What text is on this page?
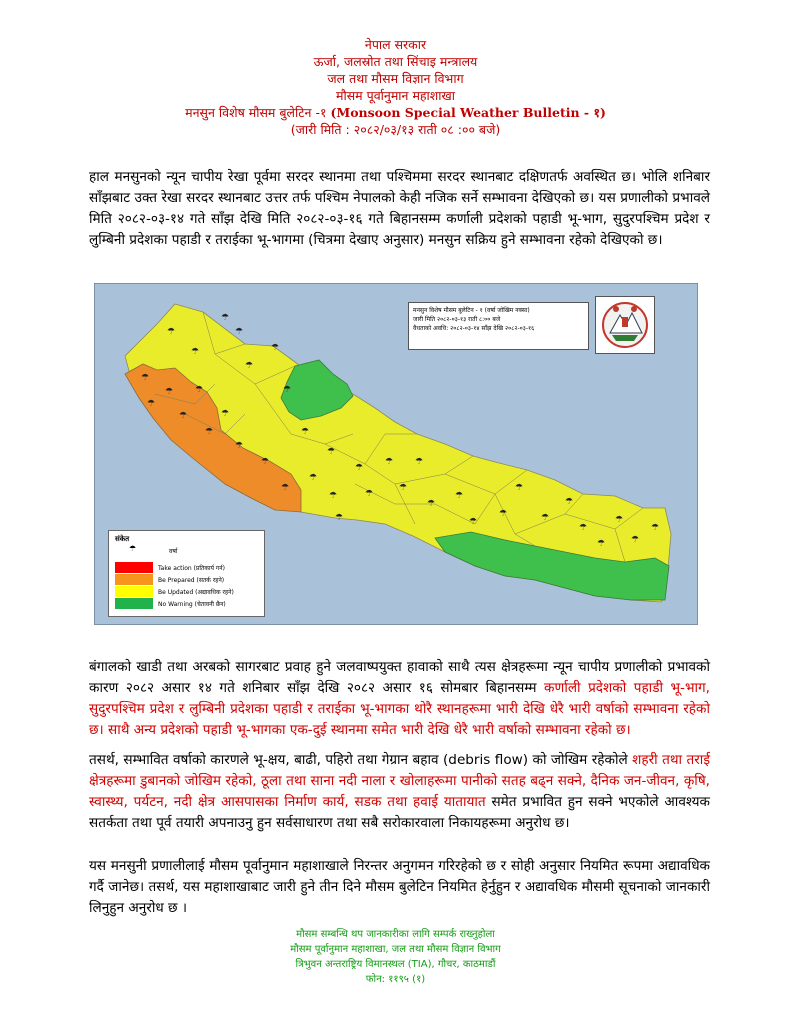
नेपाल सरकार
ऊर्जा, जलस्रोत तथा सिंचाइ मन्त्रालय
जल तथा मौसम विज्ञान विभाग
मौसम पूर्वानुमान महाशाखा
मनसुन विशेष मौसम बुलेटिन -१ (Monsoon Special Weather Bulletin - १)
(जारी मिति : २०८२/०३/१३ राती ०८ :०० बजे)
हाल मनसुनको न्यून चापीय रेखा पूर्वमा सरदर स्थानमा तथा पश्चिममा सरदर स्थानबाट दक्षिणतर्फ अवस्थित छ। भोलि शनिबार साँझबाट उक्त रेखा सरदर स्थानबाट उत्तर तर्फ पश्चिम नेपालको केही नजिक सर्ने सम्भावना देखिएको छ। यस प्रणालीको प्रभावले मिति २०८२-०३-१४ गते साँझ देखि मिति २०८२-०३-१६ गते बिहानसम्म कर्णाली प्रदेशको पहाडी भू-भाग, सुदुरपश्चिम प्रदेश र लुम्बिनी प्रदेशका पहाडी र तराईका भू-भागमा (चित्रमा देखाए अनुसार) मनसुन सक्रिय हुने सम्भावना रहेको देखिएको छ।
☂
☂
☂
☂
☂
☂
☂
☂ ☂
☂
☂
☂
☂
☂
☂
☂
☂
☂
☂
☂
☂
☂	☂
☂
☂
☂
☂
☂
☂
☂
☂
☂
☂
☂
☂
☂
☂
☂
☂
मनसुन विशेष मौसम बुलेटिन - १ (वर्षा जोखिम नक्सा)
जारी मिति २०८२-०३-१३ राती ८:०० बजे
वैधताको अवधि: २०८२-०३-१४ साँझ देखि २०८२-०३-१६
संकेत
☂	वर्षा
Take action (प्रतिकार्य गर्न)
Be Prepared (सतर्क रहने)
Be Updated (अद्यावधिक रहने)
No Warning (चेतावनी छैन)
बंगालको खाडी तथा अरबको सागरबाट प्रवाह हुने जलवाष्पयुक्त हावाको साथै त्यस क्षेत्रहरूमा न्यून चापीय प्रणालीको प्रभावको कारण २०८२ असार १४ गते शनिबार साँझ देखि २०८२ असार १६ सोमबार बिहानसम्म कर्णाली प्रदेशको पहाडी भू-भाग, सुदुरपश्चिम प्रदेश र लुम्बिनी प्रदेशका पहाडी र तराईका भू-भागका थोरै स्थानहरूमा भारी देखि धेरै भारी वर्षाको सम्भावना रहेको छ। साथै अन्य प्रदेशको पहाडी भू-भागका एक-दुई स्थानमा समेत भारी देखि धेरै भारी वर्षाको सम्भावना रहेको छ।
तसर्थ, सम्भावित वर्षाको कारणले भू-क्षय, बाढी, पहिरो तथा गेग्रान बहाव (debris flow) को जोखिम रहेकोले शहरी तथा तराई क्षेत्रहरूमा डुबानको जोखिम रहेको, ठूला तथा साना नदी नाला र खोलाहरूमा पानीको सतह बढ्न सक्ने, दैनिक जन-जीवन, कृषि, स्वास्थ्य, पर्यटन, नदी क्षेत्र आसपासका निर्माण कार्य, सडक तथा हवाई यातायात समेत प्रभावित हुन सक्ने भएकोले आवश्यक सतर्कता तथा पूर्व तयारी अपनाउनु हुन सर्वसाधारण तथा सबै सरोकारवाला निकायहरूमा अनुरोध छ।
यस मनसुनी प्रणालीलाई मौसम पूर्वानुमान महाशाखाले निरन्तर अनुगमन गरिरहेको छ र सोही अनुसार नियमित रूपमा अद्यावधिक गर्दै जानेछ। तसर्थ, यस महाशाखाबाट जारी हुने तीन दिने मौसम बुलेटिन नियमित हेर्नुहुन र अद्यावधिक मौसमी सूचनाको जानकारी लिनुहुन अनुरोध छ ।
मौसम सम्बन्धि थप जानकारीका लागि सम्पर्क राख्नुहोला
मौसम पूर्वानुमान महाशाखा, जल तथा मौसम विज्ञान विभाग
त्रिभुवन अन्तराष्ट्रिय विमानस्थल (TIA), गौचर, काठमाडौं
फोन: ११९५ (१)
